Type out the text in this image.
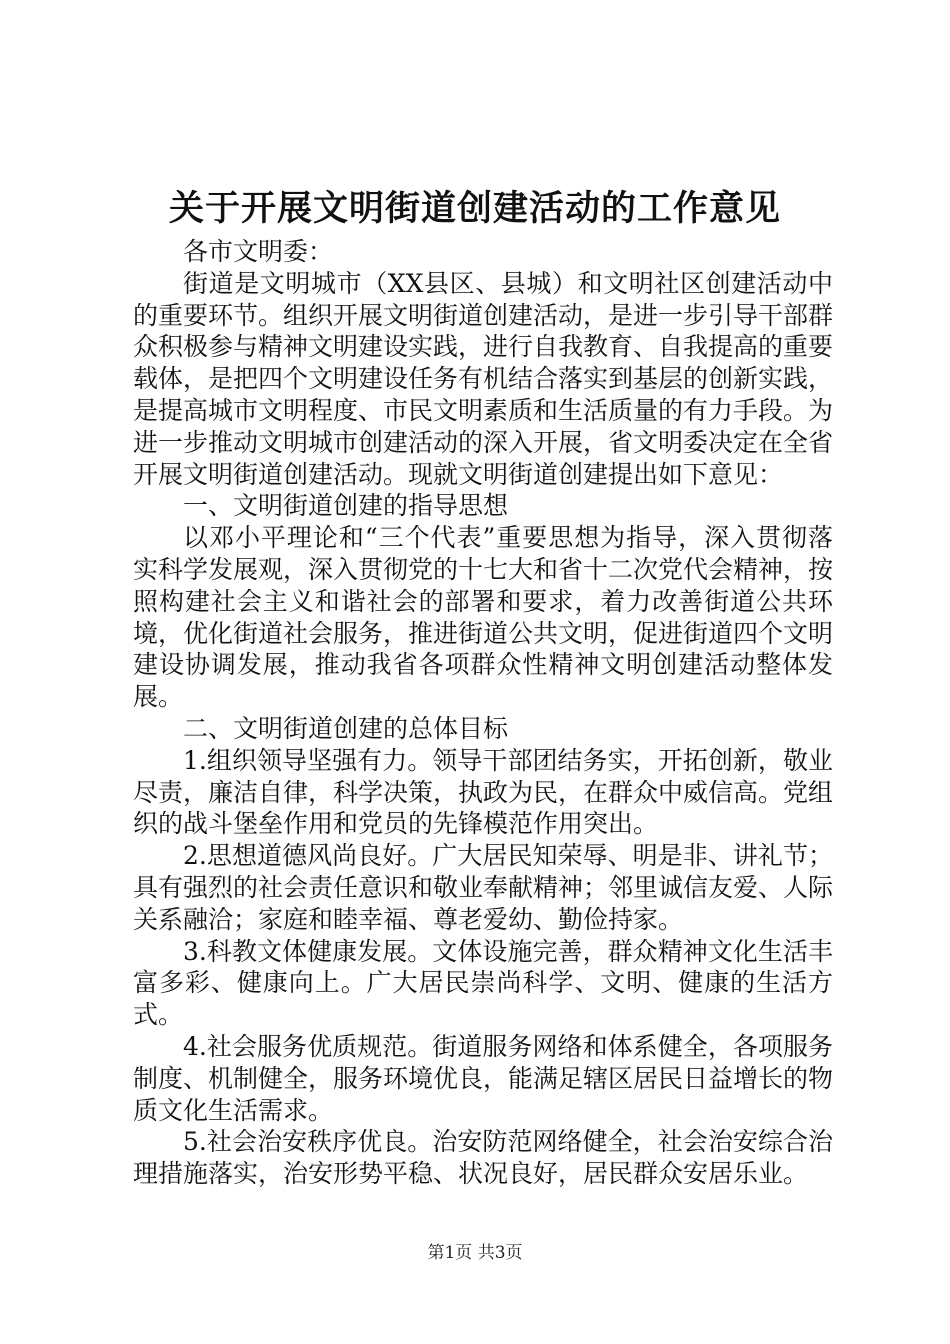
关于开展文明街道创建活动的工作意见

各市文明委：

街道是文明城市（XX县区、县城）和文明社区创建活动中的重要环节。组织开展文明街道创建活动，是进一步引导干部群众积极参与精神文明建设实践，进行自我教育、自我提高的重要载体，是把四个文明建设任务有机结合落实到基层的创新实践，是提高城市文明程度、市民文明素质和生活质量的有力手段。为进一步推动文明城市创建活动的深入开展，省文明委决定在全省开展文明街道创建活动。现就文明街道创建提出如下意见：

一、文明街道创建的指导思想

以邓小平理论和“三个代表”重要思想为指导，深入贯彻落实科学发展观，深入贯彻党的十七大和省十二次党代会精神，按照构建社会主义和谐社会的部署和要求，着力改善街道公共环境，优化街道社会服务，推进街道公共文明，促进街道四个文明建设协调发展，推动我省各项群众性精神文明创建活动整体发展。

二、文明街道创建的总体目标

1.组织领导坚强有力。领导干部团结务实，开拓创新，敬业尽责，廉洁自律，科学决策，执政为民，在群众中威信高。党组织的战斗堡垒作用和党员的先锋模范作用突出。

2.思想道德风尚良好。广大居民知荣辱、明是非、讲礼节；具有强烈的社会责任意识和敬业奉献精神；邻里诚信友爱、人际关系融洽；家庭和睦幸福、尊老爱幼、勤俭持家。

3.科教文体健康发展。文体设施完善，群众精神文化生活丰富多彩、健康向上。广大居民崇尚科学、文明、健康的生活方式。

4.社会服务优质规范。街道服务网络和体系健全，各项服务制度、机制健全，服务环境优良，能满足辖区居民日益增长的物质文化生活需求。

5.社会治安秩序优良。治安防范网络健全，社会治安综合治理措施落实，治安形势平稳、状况良好，居民群众安居乐业。

第1页 共3页
